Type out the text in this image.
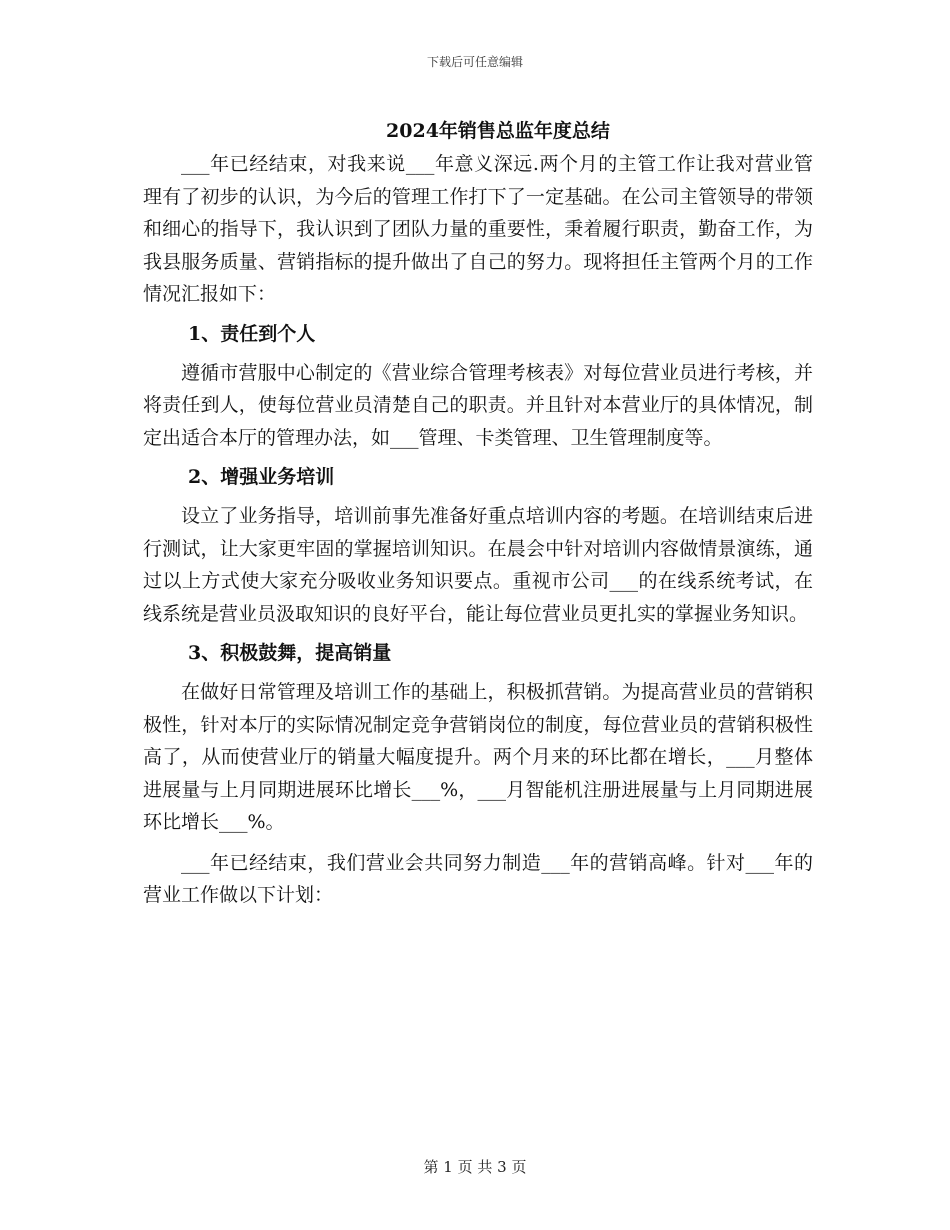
下载后可任意编辑
2024年销售总监年度总结

___年已经结束，对我来说___年意义深远.两个月的主管工作让我对营业管理有了初步的认识，为今后的管理工作打下了一定基础。在公司主管领导的带领和细心的指导下，我认识到了团队力量的重要性，秉着履行职责，勤奋工作，为我县服务质量、营销指标的提升做出了自己的努力。现将担任主管两个月的工作情况汇报如下：

1、责任到个人

遵循市营服中心制定的《营业综合管理考核表》对每位营业员进行考核，并将责任到人，使每位营业员清楚自己的职责。并且针对本营业厅的具体情况，制定出适合本厅的管理办法，如___管理、卡类管理、卫生管理制度等。

2、增强业务培训

设立了业务指导，培训前事先准备好重点培训内容的考题。在培训结束后进行测试，让大家更牢固的掌握培训知识。在晨会中针对培训内容做情景演练，通过以上方式使大家充分吸收业务知识要点。重视市公司___的在线系统考试，在线系统是营业员汲取知识的良好平台，能让每位营业员更扎实的掌握业务知识。

3、积极鼓舞，提高销量

在做好日常管理及培训工作的基础上，积极抓营销。为提高营业员的营销积极性，针对本厅的实际情况制定竞争营销岗位的制度，每位营业员的营销积极性高了，从而使营业厅的销量大幅度提升。两个月来的环比都在增长，___月整体进展量与上月同期进展环比增长___%，___月智能机注册进展量与上月同期进展环比增长___%。

___年已经结束，我们营业会共同努力制造___年的营销高峰。针对___年的营业工作做以下计划：

第 1 页 共 3 页
